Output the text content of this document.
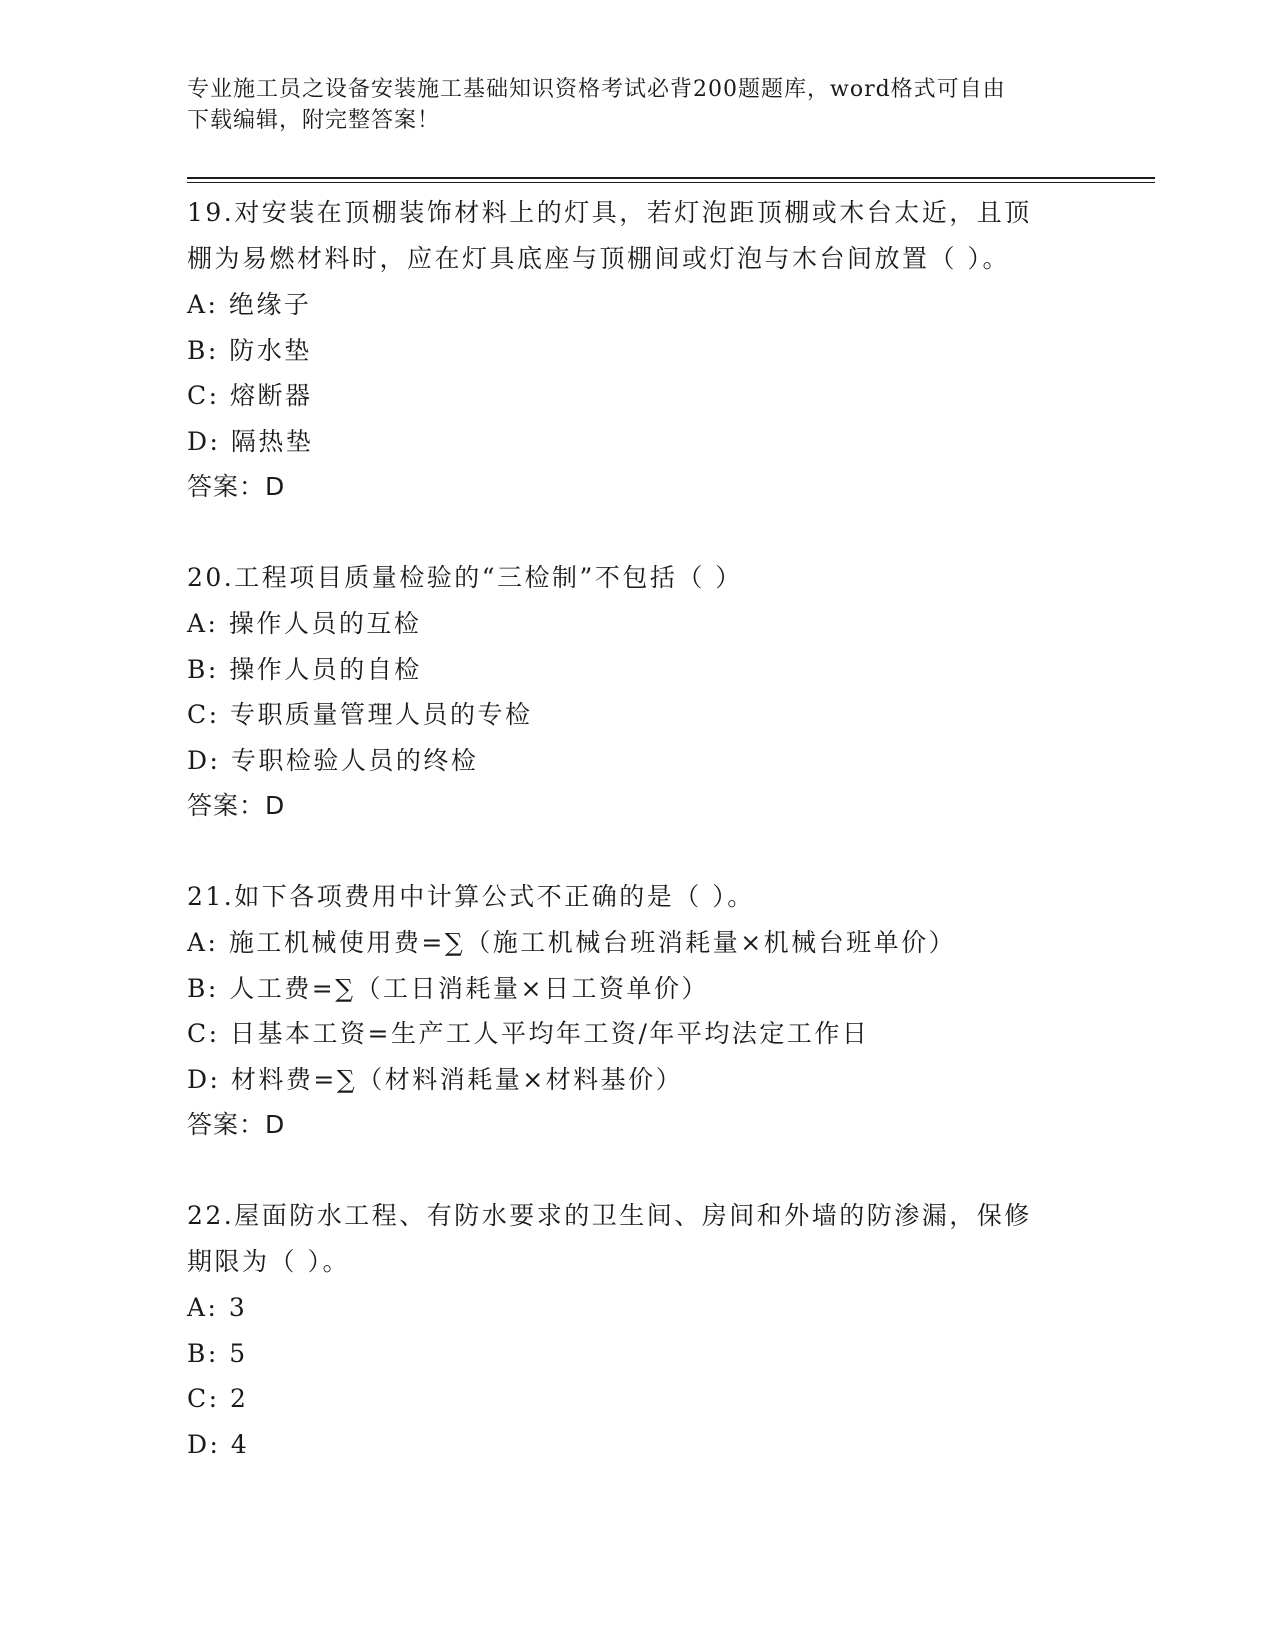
专业施工员之设备安装施工基础知识资格考试必背200题题库，word格式可自由
下载编辑，附完整答案！

19.对安装在顶棚装饰材料上的灯具，若灯泡距顶棚或木台太近，且顶

棚为易燃材料时，应在灯具底座与顶棚间或灯泡与木台间放置（ ）。

A: 绝缘子

B: 防水垫

C: 熔断器

D: 隔热垫

答案：D

20.工程项目质量检验的“三检制”不包括（ ）

A: 操作人员的互检

B: 操作人员的自检

C: 专职质量管理人员的专检

D: 专职检验人员的终检

答案：D

21.如下各项费用中计算公式不正确的是（ ）。

A: 施工机械使用费=∑（施工机械台班消耗量×机械台班单价）

B: 人工费=∑（工日消耗量×日工资单价）

C: 日基本工资=生产工人平均年工资/年平均法定工作日

D: 材料费=∑（材料消耗量×材料基价）

答案：D

22.屋面防水工程、有防水要求的卫生间、房间和外墙的防渗漏，保修

期限为（ ）。

A: 3

B: 5

C: 2

D: 4
